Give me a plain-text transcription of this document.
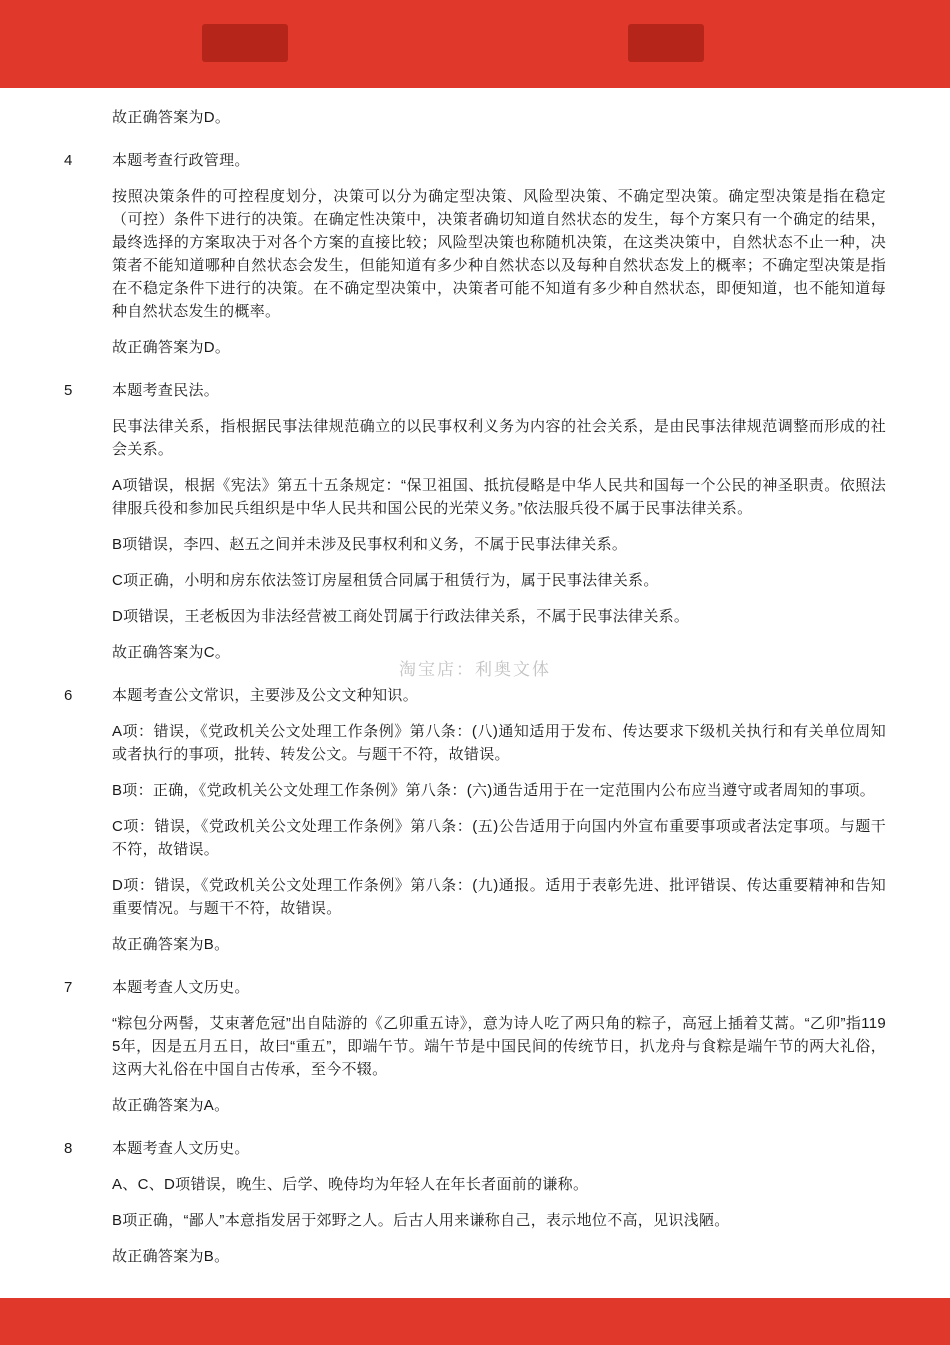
故正确答案为D。

4	本题考查行政管理。

按照决策条件的可控程度划分，决策可以分为确定型决策、风险型决策、不确定型决策。确定型决策是指在稳定（可控）条件下进行的决策。在确定性决策中，决策者确切知道自然状态的发生，每个方案只有一个确定的结果，最终选择的方案取决于对各个方案的直接比较；风险型决策也称随机决策，在这类决策中，自然状态不止一种，决策者不能知道哪种自然状态会发生，但能知道有多少种自然状态以及每种自然状态发上的概率；不确定型决策是指在不稳定条件下进行的决策。在不确定型决策中，决策者可能不知道有多少种自然状态，即便知道，也不能知道每种自然状态发生的概率。

故正确答案为D。

5	本题考查民法。

民事法律关系，指根据民事法律规范确立的以民事权利义务为内容的社会关系，是由民事法律规范调整而形成的社会关系。

A项错误，根据《宪法》第五十五条规定：“保卫祖国、抵抗侵略是中华人民共和国每一个公民的神圣职责。依照法律服兵役和参加民兵组织是中华人民共和国公民的光荣义务。”依法服兵役不属于民事法律关系。

B项错误，李四、赵五之间并未涉及民事权利和义务，不属于民事法律关系。

C项正确，小明和房东依法签订房屋租赁合同属于租赁行为，属于民事法律关系。

D项错误，王老板因为非法经营被工商处罚属于行政法律关系，不属于民事法律关系。

故正确答案为C。

6	本题考查公文常识，主要涉及公文文种知识。

A项：错误，《党政机关公文处理工作条例》第八条：(八)通知适用于发布、传达要求下级机关执行和有关单位周知或者执行的事项，批转、转发公文。与题干不符，故错误。

B项：正确，《党政机关公文处理工作条例》第八条：(六)通告适用于在一定范围内公布应当遵守或者周知的事项。

C项：错误，《党政机关公文处理工作条例》第八条：(五)公告适用于向国内外宣布重要事项或者法定事项。与题干不符，故错误。

D项：错误，《党政机关公文处理工作条例》第八条：(九)通报。适用于表彰先进、批评错误、传达重要精神和告知重要情况。与题干不符，故错误。

故正确答案为B。

7	本题考查人文历史。

“粽包分两髻，艾束著危冠”出自陆游的《乙卯重五诗》，意为诗人吃了两只角的粽子，高冠上插着艾蒿。“乙卯”指1195年，因是五月五日，故曰“重五”，即端午节。端午节是中国民间的传统节日，扒龙舟与食粽是端午节的两大礼俗，这两大礼俗在中国自古传承，至今不辍。

故正确答案为A。

8	本题考查人文历史。

A、C、D项错误，晚生、后学、晚侍均为年轻人在年长者面前的谦称。

B项正确，“鄙人”本意指发居于郊野之人。后古人用来谦称自己，表示地位不高，见识浅陋。

故正确答案为B。

淘宝店：利奥文体
